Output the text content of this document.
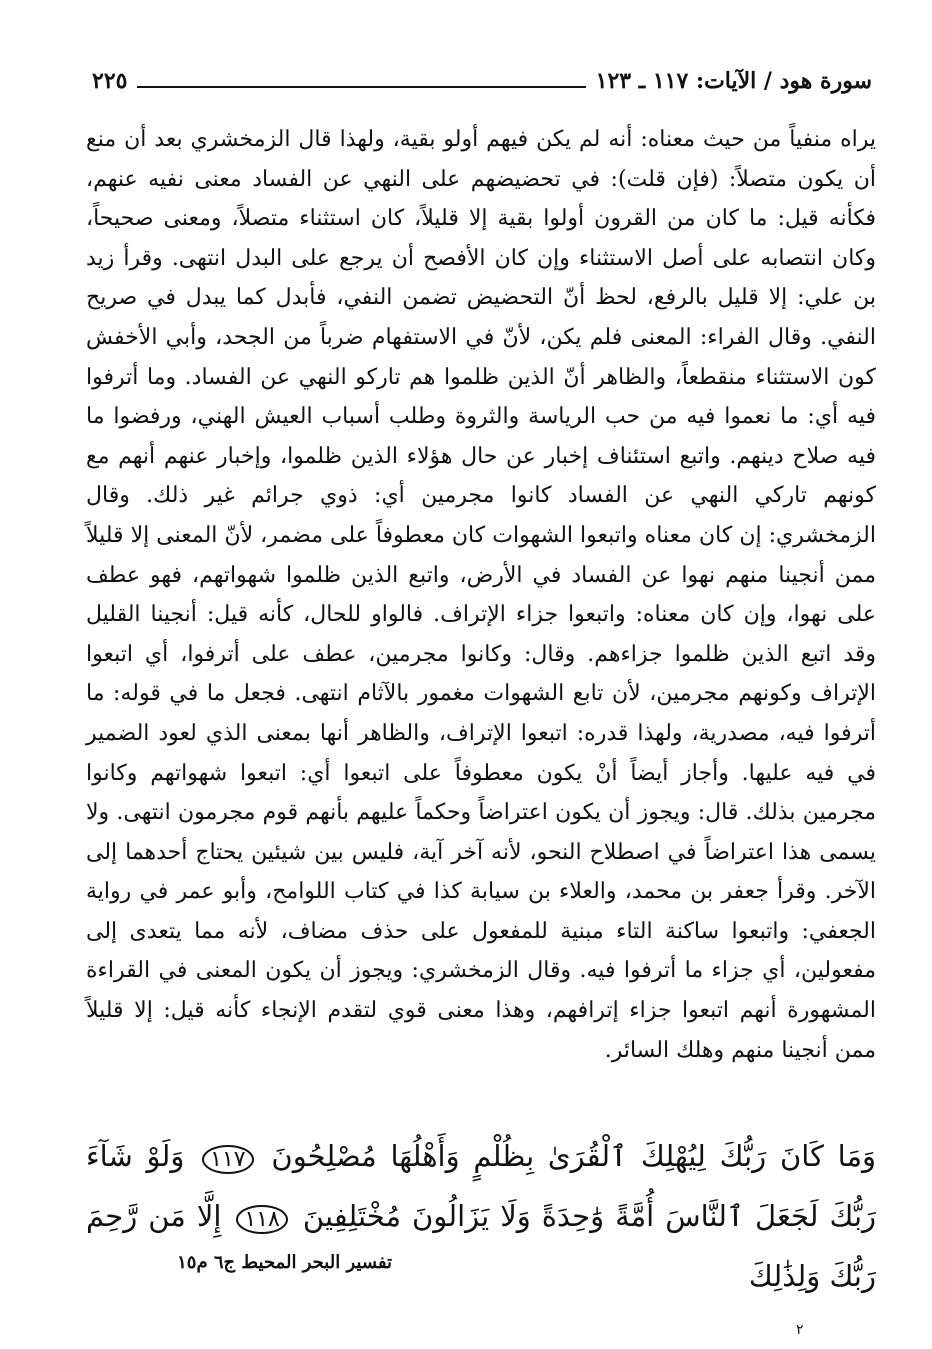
سورة هود / الآيات: ١١٧ ـ ١٢٣
٢٢٥
يراه منفياً من حيث معناه: أنه لم يكن فيهم أولو بقية، ولهذا قال الزمخشري بعد أن منع أن يكون متصلاً: (فإن قلت): في تحضيضهم على النهي عن الفساد معنى نفيه عنهم، فكأنه قيل: ما كان من القرون أولوا بقية إلا قليلاً، كان استثناء متصلاً، ومعنى صحيحاً، وكان انتصابه على أصل الاستثناء وإن كان الأفصح أن يرجع على البدل انتهى. وقرأ زيد بن علي: إلا قليل بالرفع، لحظ أنّ التحضيض تضمن النفي، فأبدل كما يبدل في صريح النفي. وقال الفراء: المعنى فلم يكن، لأنّ في الاستفهام ضرباً من الجحد، وأبي الأخفش كون الاستثناء منقطعاً، والظاهر أنّ الذين ظلموا هم تاركو النهي عن الفساد. وما أترفوا فيه أي: ما نعموا فيه من حب الرياسة والثروة وطلب أسباب العيش الهني، ورفضوا ما فيه صلاح دينهم. واتبع استئناف إخبار عن حال هؤلاء الذين ظلموا، وإخبار عنهم أنهم مع كونهم تاركي النهي عن الفساد كانوا مجرمين أي: ذوي جرائم غير ذلك. وقال الزمخشري: إن كان معناه واتبعوا الشهوات كان معطوفاً على مضمر، لأنّ المعنى إلا قليلاً ممن أنجينا منهم نهوا عن الفساد في الأرض، واتبع الذين ظلموا شهواتهم، فهو عطف على نهوا، وإن كان معناه: واتبعوا جزاء الإتراف. فالواو للحال، كأنه قيل: أنجينا القليل وقد اتبع الذين ظلموا جزاءهم. وقال: وكانوا مجرمين، عطف على أترفوا، أي اتبعوا الإتراف وكونهم مجرمين، لأن تابع الشهوات مغمور بالآثام انتهى. فجعل ما في قوله: ما أترفوا فيه، مصدرية، ولهذا قدره: اتبعوا الإتراف، والظاهر أنها بمعنى الذي لعود الضمير في فيه عليها. وأجاز أيضاً أنْ يكون معطوفاً على اتبعوا أي: اتبعوا شهواتهم وكانوا مجرمين بذلك. قال: ويجوز أن يكون اعتراضاً وحكماً عليهم بأنهم قوم مجرمون انتهى. ولا يسمى هذا اعتراضاً في اصطلاح النحو، لأنه آخر آية، فليس بين شيئين يحتاج أحدهما إلى الآخر. وقرأ جعفر بن محمد، والعلاء بن سيابة كذا في كتاب اللوامح، وأبو عمر في رواية الجعفي: واتبعوا ساكنة التاء مبنية للمفعول على حذف مضاف، لأنه مما يتعدى إلى مفعولين، أي جزاء ما أترفوا فيه. وقال الزمخشري: ويجوز أن يكون المعنى في القراءة المشهورة أنهم اتبعوا جزاء إترافهم، وهذا معنى قوي لتقدم الإنجاء كأنه قيل: إلا قليلاً ممن أنجينا منهم وهلك السائر.
وَمَا كَانَ رَبُّكَ لِيُهْلِكَ ٱلْقُرَىٰ بِظُلْمٍ وَأَهْلُهَا مُصْلِحُونَ ١١٧ وَلَوْ شَآءَ رَبُّكَ لَجَعَلَ ٱلنَّاسَ أُمَّةً وَٰحِدَةً وَلَا يَزَالُونَ مُخْتَلِفِينَ ١١٨ إِلَّا مَن رَّحِمَ رَبُّكَ وَلِذَٰلِكَ
تفسير البحر المحيط ج٦ م١٥
٢
